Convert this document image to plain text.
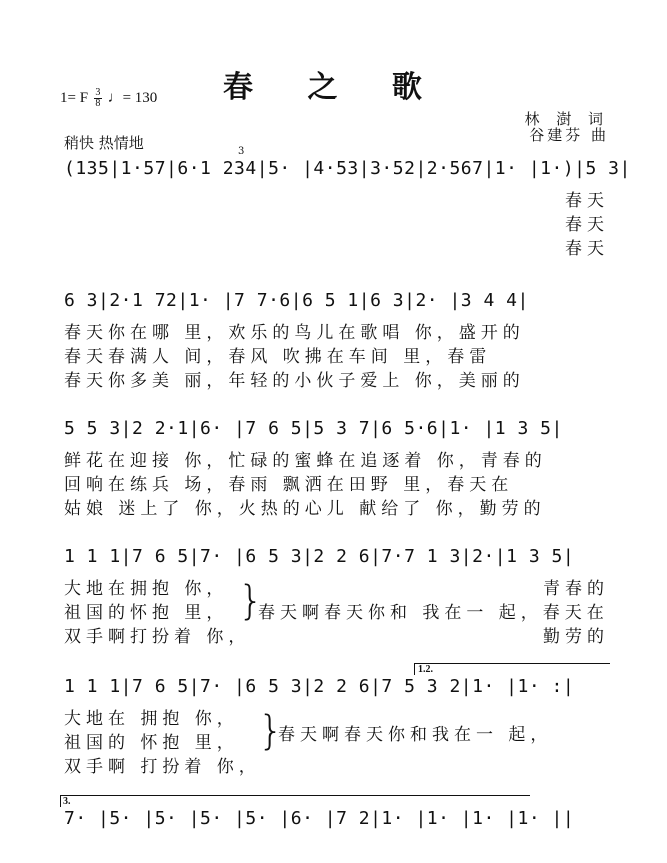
春 之 歌
1= F $\frac{3}{8}$ ♩= 130
林 澍 词
谷建芬 曲
稍快 热情地	3
(135|1·57|6·1 234|5· |4·53|3·52|2·567|1· |1·)|5 3|
春天
春天
春天
6 3|2·1 72|1· |7 7·6|6 5 1|6 3|2· |3 4 4|
春天你在哪 里，欢乐的鸟儿在歌唱 你，盛开的
春天春满人 间，春风 吹拂在车间 里，春雷
春天你多美 丽，年轻的小伙子爱上 你，美丽的
5 5 3|2 2·1|6· |7 6 5|5 3 7|6 5·6|1· |1 3 5|
鲜花在迎接 你，忙碌的蜜蜂在追逐着 你，青春的
回响在练兵 场，春雨 飘洒在田野 里，春天在
姑娘 迷上了 你，火热的心儿 献给了 你，勤劳的
1 1 1|7 6 5|7· |6 5 3|2 2 6|7·7 1 3|2·|1 3 5|
大地在拥抱 你，
祖国的怀抱 里，
双手啊打扮着 你，
}
春天啊春天你和 我在一 起，春天在
青春的
勤劳的
1.2.
1 1 1|7 6 5|7· |6 5 3|2 2 6|7 5 3 2|1· |1· :|
大地在 拥抱 你，
祖国的 怀抱 里，
双手啊 打扮着 你，
}
春天啊春天你和我在一 起，
3.
7· |5· |5· |5· |5· |6· |7 2|1· |1· |1· |1· ||
